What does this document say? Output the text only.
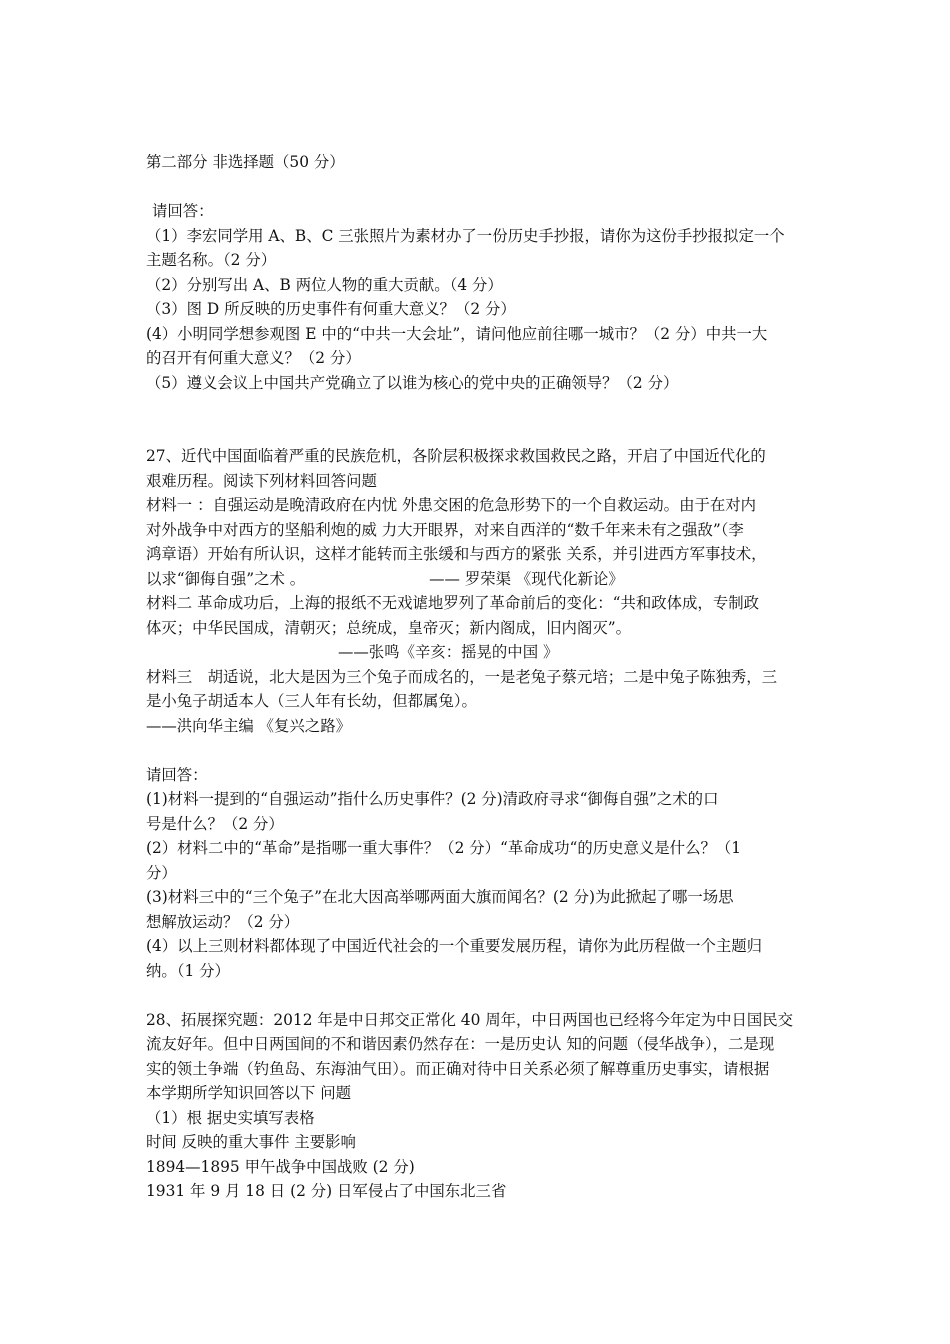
第二部分 非选择题（50 分）
请回答：
（1）李宏同学用 A、B、C 三张照片为素材办了一份历史手抄报，请你为这份手抄报拟定一个
主题名称。（2 分）
（2）分别写出 A、B 两位人物的重大贡献。（4 分）
（3）图 D 所反映的历史事件有何重大意义？（2 分）
(4）小明同学想参观图 E 中的“中共一大会址”，请问他应前往哪一城市？（2 分）中共一大
的召开有何重大意义？（2 分）
（5）遵义会议上中国共产党确立了以谁为核心的党中央的正确领导？（2 分）
27、近代中国面临着严重的民族危机，各阶层积极探求救国救民之路，开启了中国近代化的
艰难历程。阅读下列材料回答问题
材料一 ：自强运动是晚清政府在内忧 外患交困的危急形势下的一个自救运动。由于在对内
对外战争中对西方的坚船利炮的威 力大开眼界，对来自西洋的“数千年来未有之强敌”（李
鸿章语）开始有所认识，这样才能转而主张缓和与西方的紧张 关系，并引进西方军事技术，
以求“御侮自强”之术 。	—— 罗荣渠 《现代化新论》
材料二 革命成功后，上海的报纸不无戏谑地罗列了革命前后的变化：“共和政体成，专制政
体灭；中华民国成，清朝灭；总统成，皇帝灭；新内阁成，旧内阁灭”。
——张鸣《辛亥：摇晃的中国 》
材料三　胡适说，北大是因为三个兔子而成名的，一是老兔子蔡元培；二是中兔子陈独秀，三
是小兔子胡适本人（三人年有长幼，但都属兔）。
——洪向华主编 《复兴之路》
请回答：
(1)材料一提到的“自强运动”指什么历史事件？(2 分)清政府寻求“御侮自强”之术的口
号是什么？（2 分）
(2）材料二中的“革命”是指哪一重大事件？（2 分）“革命成功“的历史意义是什么？（1
分）
(3)材料三中的“三个兔子”在北大因高举哪两面大旗而闻名？(2 分)为此掀起了哪一场思
想解放运动？（2 分）
(4）以上三则材料都体现了中国近代社会的一个重要发展历程，请你为此历程做一个主题归
纳。（1 分）
28、拓展探究题：2012 年是中日邦交正常化 40 周年，中日两国也已经将今年定为中日国民交
流友好年。但中日两国间的不和谐因素仍然存在：一是历史认 知的问题（侵华战争），二是现
实的领土争端（钓鱼岛、东海油气田）。而正确对待中日关系必须了解尊重历史事实，请根据
本学期所学知识回答以下 问题
（1）根 据史实填写表格
时间 反映的重大事件 主要影响
1894—1895 甲午战争中国战败 (2 分)
1931 年 9 月 18 日 (2 分) 日军侵占了中国东北三省
